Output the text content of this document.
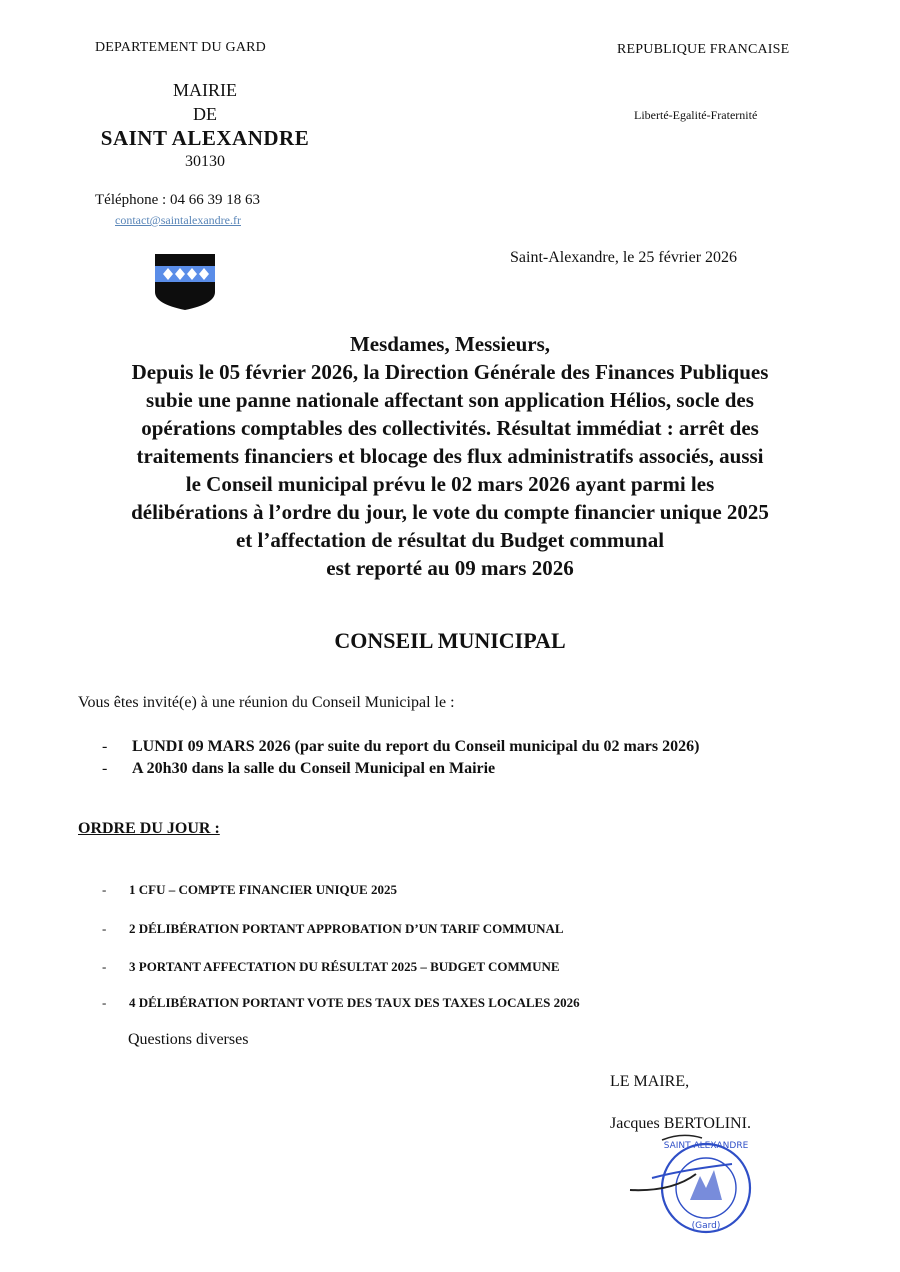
DEPARTEMENT DU GARD	REPUBLIQUE FRANCAISE
Liberté-Egalité-Fraternité
MAIRIE
DE
SAINT ALEXANDRE
30130
Téléphone : 04 66 39 18 63
contact@saintalexandre.fr
Saint-Alexandre, le 25 février 2026
Mesdames, Messieurs,
Depuis le 05 février 2026, la Direction Générale des Finances Publiques
subie une panne nationale affectant son application Hélios, socle des
opérations comptables des collectivités. Résultat immédiat : arrêt des
traitements financiers et blocage des flux administratifs associés, aussi
le Conseil municipal prévu le 02 mars 2026 ayant parmi les
délibérations à l’ordre du jour, le vote du compte financier unique 2025
et l’affectation de résultat du Budget communal
est reporté au 09 mars 2026
CONSEIL MUNICIPAL
Vous êtes invité(e) à une réunion du Conseil Municipal le :
-	LUNDI 09 MARS 2026 (par suite du report du Conseil municipal du 02 mars 2026)
-	A 20h30 dans la salle du Conseil Municipal en Mairie
ORDRE DU JOUR :
-	1 CFU – COMPTE FINANCIER UNIQUE 2025
-	2 DÉLIBÉRATION PORTANT APPROBATION D’UN TARIF COMMUNAL
-	3 PORTANT AFFECTATION DU RÉSULTAT 2025 – BUDGET COMMUNE
-	4 DÉLIBÉRATION PORTANT VOTE DES TAUX DES TAXES LOCALES 2026
Questions diverses
LE MAIRE,
Jacques BERTOLINI.
SAINT ALEXANDRE
(Gard)
